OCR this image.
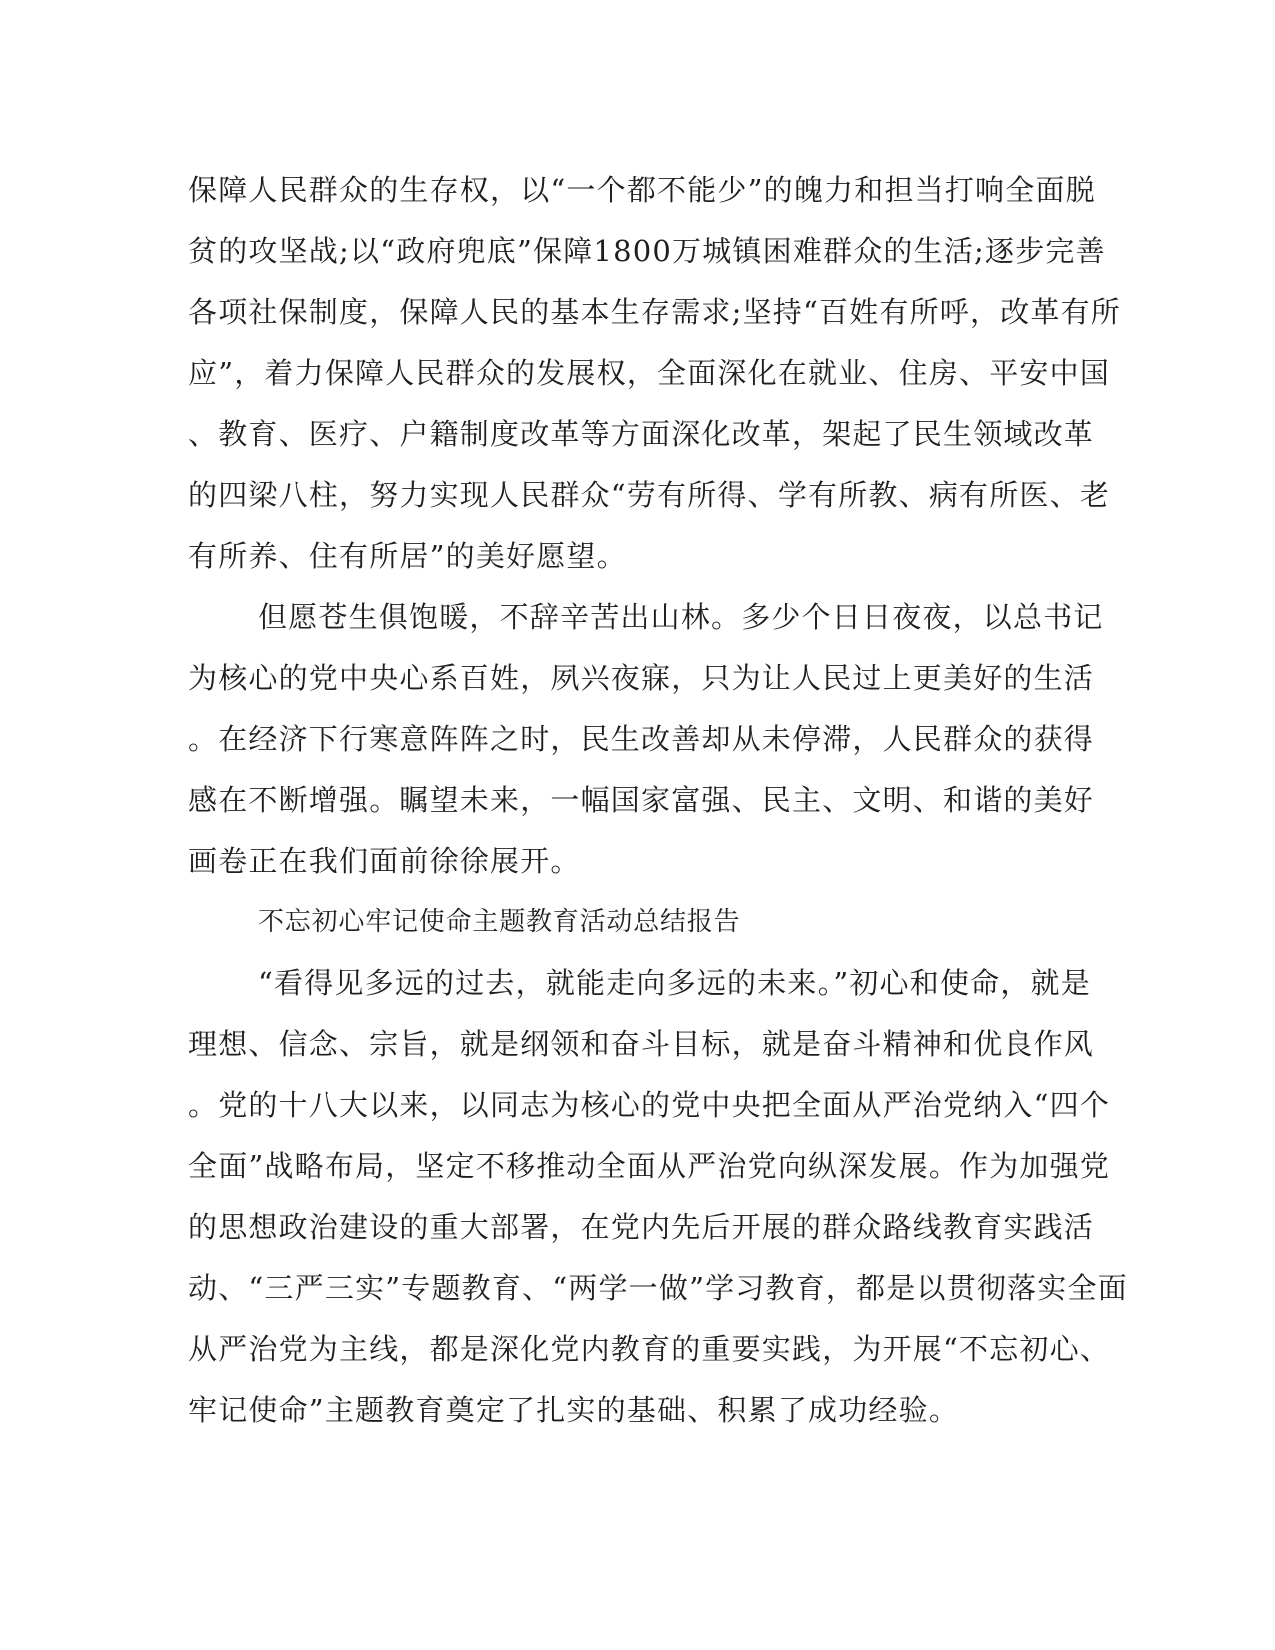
保障人民群众的生存权，以“一个都不能少”的魄力和担当打响全面脱
贫的攻坚战;以“政府兜底”保障1800万城镇困难群众的生活;逐步完善
各项社保制度，保障人民的基本生存需求;坚持“百姓有所呼，改革有所
应”，着力保障人民群众的发展权，全面深化在就业、住房、平安中国
、教育、医疗、户籍制度改革等方面深化改革，架起了民生领域改革
的四梁八柱，努力实现人民群众“劳有所得、学有所教、病有所医、老
有所养、住有所居”的美好愿望。
但愿苍生俱饱暖，不辞辛苦出山林。多少个日日夜夜，以总书记
为核心的党中央心系百姓，夙兴夜寐，只为让人民过上更美好的生活
。在经济下行寒意阵阵之时，民生改善却从未停滞，人民群众的获得
感在不断增强。瞩望未来，一幅国家富强、民主、文明、和谐的美好
画卷正在我们面前徐徐展开。
不忘初心牢记使命主题教育活动总结报告
“看得见多远的过去，就能走向多远的未来。”初心和使命，就是
理想、信念、宗旨，就是纲领和奋斗目标，就是奋斗精神和优良作风
。党的十八大以来，以同志为核心的党中央把全面从严治党纳入“四个
全面”战略布局，坚定不移推动全面从严治党向纵深发展。作为加强党
的思想政治建设的重大部署，在党内先后开展的群众路线教育实践活
动、“三严三实”专题教育、“两学一做”学习教育，都是以贯彻落实全面
从严治党为主线，都是深化党内教育的重要实践，为开展“不忘初心、
牢记使命”主题教育奠定了扎实的基础、积累了成功经验。
